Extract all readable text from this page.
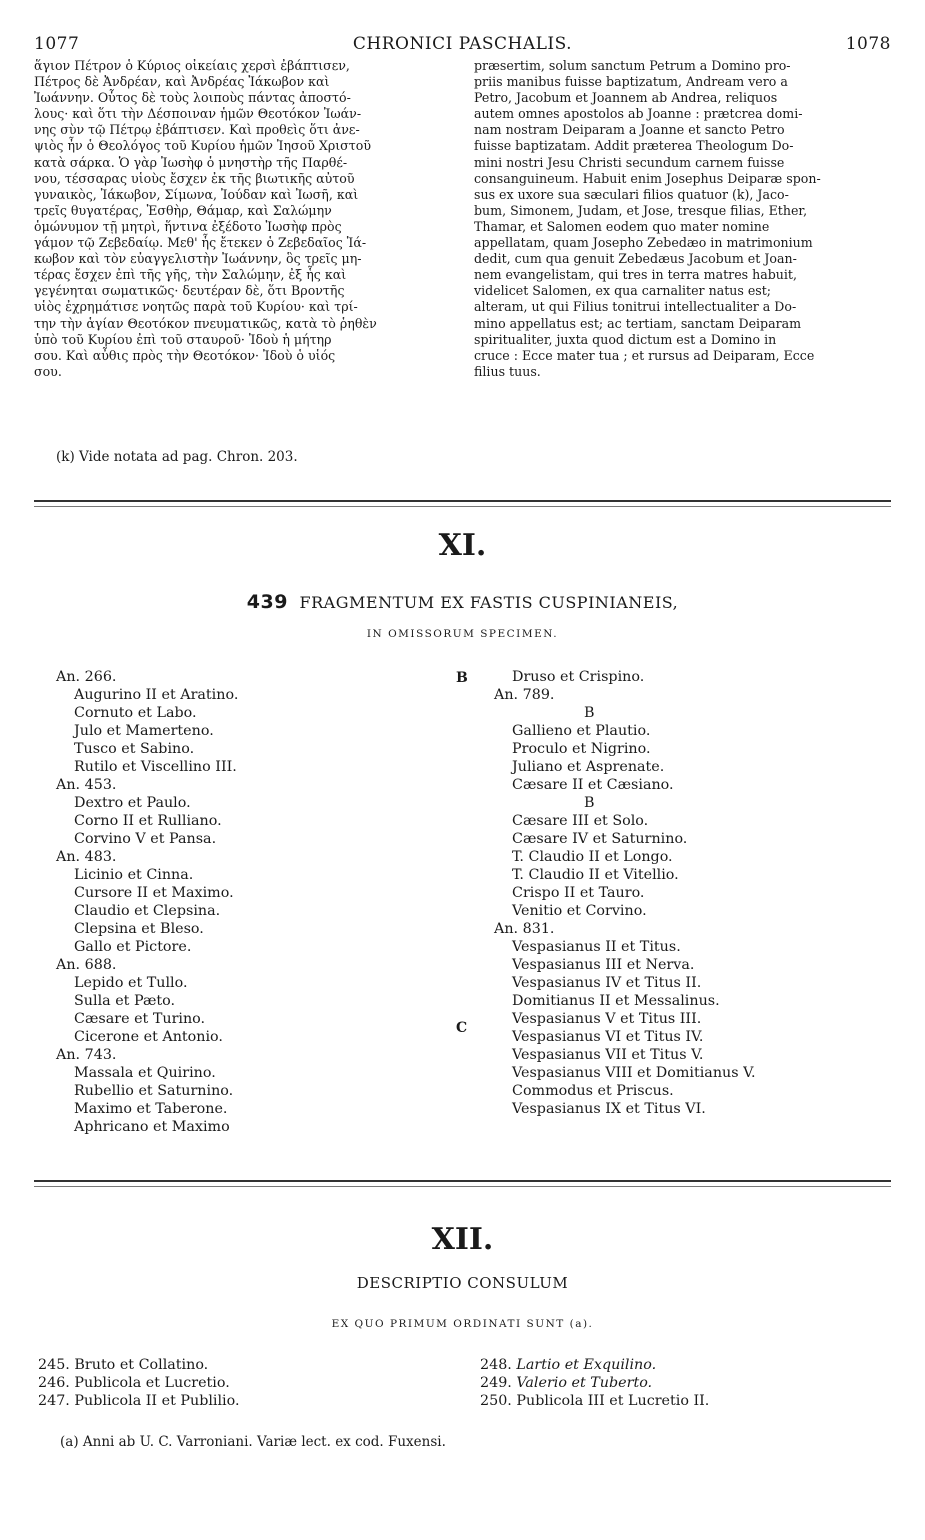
1077	CHRONICI PASCHALIS.	1078

ἅγιον Πέτρον ὁ Κύριος οἰκείαις χερσὶ ἐβάπτισεν,

Πέτρος δὲ Ἀνδρέαν, καὶ Ἀνδρέας Ἰάκωβον καὶ

Ἰωάννην. Οὗτος δὲ τοὺς λοιποὺς πάντας ἀποστό-

λους· καὶ ὅτι τὴν Δέσποιναν ἡμῶν Θεοτόκον Ἰωάν-

νης σὺν τῷ Πέτρῳ ἐβάπτισεν. Καὶ προθεὶς ὅτι ἀνε-

ψιὸς ἦν ὁ Θεολόγος τοῦ Κυρίου ἡμῶν Ἰησοῦ Χριστοῦ

κατὰ σάρκα. Ὁ γὰρ Ἰωσὴφ ὁ μνηστὴρ τῆς Παρθέ-

νου, τέσσαρας υἱοὺς ἔσχεν ἐκ τῆς βιωτικῆς αὐτοῦ

γυναικὸς, Ἰάκωβον, Σίμωνα, Ἰούδαν καὶ Ἰωσῆ, καὶ

τρεῖς θυγατέρας, Ἐσθὴρ, Θάμαρ, καὶ Σαλώμην

ὁμώνυμον τῇ μητρὶ, ἥντινα ἐξέδοτο Ἰωσὴφ πρὸς

γάμον τῷ Ζεβεδαίῳ. Μεθ' ἧς ἔτεκεν ὁ Ζεβεδαῖος Ἰά-

κωβον καὶ τὸν εὐαγγελιστὴν Ἰωάννην, ὃς τρεῖς μη-

τέρας ἔσχεν ἐπὶ τῆς γῆς, τὴν Σαλώμην, ἐξ ἧς καὶ

γεγένηται σωματικῶς· δευτέραν δὲ, ὅτι Βροντῆς

υἱὸς ἐχρημάτισε νοητῶς παρὰ τοῦ Κυρίου· καὶ τρί-

την τὴν ἁγίαν Θεοτόκον πνευματικῶς, κατὰ τὸ ῥηθὲν

ὑπὸ τοῦ Κυρίου ἐπὶ τοῦ σταυροῦ· Ἰδοὺ ἡ μήτηρ

σου. Καὶ αὖθις πρὸς τὴν Θεοτόκον· Ἰδοὺ ὁ υἱός

σου.

præsertim, solum sanctum Petrum a Domino pro-

priis manibus fuisse baptizatum, Andream vero a

Petro, Jacobum et Joannem ab Andrea, reliquos

autem omnes apostolos ab Joanne : prætcrea domi-

nam nostram Deiparam a Joanne et sancto Petro

fuisse baptizatam. Addit præterea Theologum Do-

mini nostri Jesu Christi secundum carnem fuisse

consanguineum. Habuit enim Josephus Deiparæ spon-

sus ex uxore sua sæculari filios quatuor (k), Jaco-

bum, Simonem, Judam, et Jose, tresque filias, Ether,

Thamar, et Salomen eodem quo mater nomine

appellatam, quam Josepho Zebedæo in matrimonium

dedit, cum qua genuit Zebedæus Jacobum et Joan-

nem evangelistam, qui tres in terra matres habuit,

videlicet Salomen, ex qua carnaliter natus est;

alteram, ut qui Filius tonitrui intellectualiter a Do-

mino appellatus est; ac tertiam, sanctam Deiparam

spiritualiter, juxta quod dictum est a Domino in

cruce : Ecce mater tua ; et rursus ad Deiparam, Ecce

filius tuus.

(k) Vide notata ad pag. Chron. 203.
XI.
439 FRAGMENTUM EX FASTIS CUSPINIANEIS,
IN OMISSORUM SPECIMEN.
B
C
An. 266.
Augurino II et Aratino.
Cornuto et Labo.
Julo et Mamerteno.
Tusco et Sabino.
Rutilo et Viscellino III.
An. 453.
Dextro et Paulo.
Corno II et Rulliano.
Corvino V et Pansa.
An. 483.
Licinio et Cinna.
Cursore II et Maximo.
Claudio et Clepsina.
Clepsina et Bleso.
Gallo et Pictore.
An. 688.
Lepido et Tullo.
Sulla et Pæto.
Cæsare et Turino.
Cicerone et Antonio.
An. 743.
Massala et Quirino.
Rubellio et Saturnino.
Maximo et Taberone.
Aphricano et Maximo
Druso et Crispino.
An. 789.
B
Gallieno et Plautio.
Proculo et Nigrino.
Juliano et Asprenate.
Cæsare II et Cæsiano.
B
Cæsare III et Solo.
Cæsare IV et Saturnino.
T. Claudio II et Longo.
T. Claudio II et Vitellio.
Crispo II et Tauro.
Venitio et Corvino.
An. 831.
Vespasianus II et Titus.
Vespasianus III et Nerva.
Vespasianus IV et Titus II.
Domitianus II et Messalinus.
Vespasianus V et Titus III.
Vespasianus VI et Titus IV.
Vespasianus VII et Titus V.
Vespasianus VIII et Domitianus V.
Commodus et Priscus.
Vespasianus IX et Titus VI.
XII.
DESCRIPTIO CONSULUM
EX QUO PRIMUM ORDINATI SUNT (a).
245. Bruto et Collatino.
246. Publicola et Lucretio.
247. Publicola II et Publilio.
248. Lartio et Exquilino.
249. Valerio et Tuberto.
250. Publicola III et Lucretio II.
(a) Anni ab U. C. Varroniani. Variæ lect. ex cod. Fuxensi.
